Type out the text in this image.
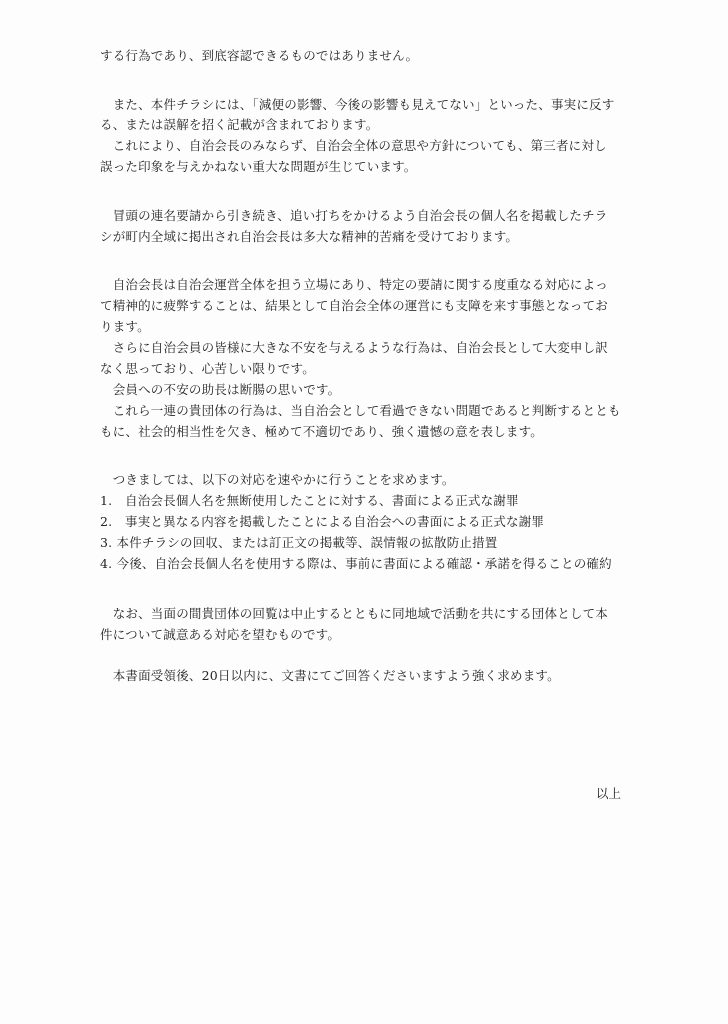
する行為であり、到底容認できるものではありません。
　また、本件チラシには、「減便の影響、今後の影響も見えてない」といった、事実に反す
る、または誤解を招く記載が含まれております。
　これにより、自治会長のみならず、自治会全体の意思や方針についても、第三者に対し
誤った印象を与えかねない重大な問題が生じています。
　冒頭の連名要請から引き続き、追い打ちをかけるよう自治会長の個人名を掲載したチラ
シが町内全域に掲出され自治会長は多大な精神的苦痛を受けております。
　自治会長は自治会運営全体を担う立場にあり、特定の要請に関する度重なる対応によっ
て精神的に疲弊することは、結果として自治会全体の運営にも支障を来す事態となってお
ります。
　さらに自治会員の皆様に大きな不安を与えるような行為は、自治会長として大変申し訳
なく思っており、心苦しい限りです。
　会員への不安の助長は断腸の思いです。
　これら一連の貴団体の行為は、当自治会として看過できない問題であると判断するととも
もに、社会的相当性を欠き、極めて不適切であり、強く遺憾の意を表します。
　つきましては、以下の対応を速やかに行うことを求めます。
1.　自治会長個人名を無断使用したことに対する、書面による正式な謝罪
2.　事実と異なる内容を掲載したことによる自治会への書面による正式な謝罪
3. 本件チラシの回収、または訂正文の掲載等、誤情報の拡散防止措置
4. 今後、自治会長個人名を使用する際は、事前に書面による確認・承諾を得ることの確約
　なお、当面の間貴団体の回覧は中止するとともに同地域で活動を共にする団体として本
件について誠意ある対応を望むものです。
　本書面受領後、20日以内に、文書にてご回答くださいますよう強く求めます。
以上
